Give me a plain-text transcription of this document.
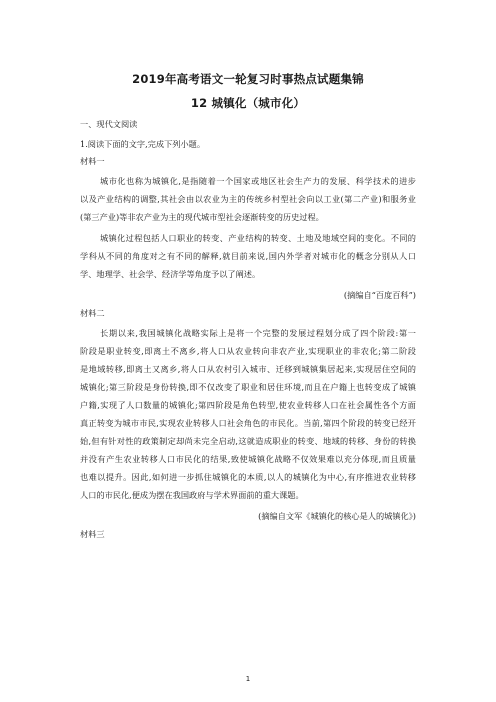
2019年高考语文一轮复习时事热点试题集锦
12 城镇化（城市化）
一、现代文阅读
1.阅读下面的文字,完成下列小题。
材料一
城市化也称为城镇化,是指随着一个国家或地区社会生产力的发展、科学技术的进步
以及产业结构的调整,其社会由以农业为主的传统乡村型社会向以工业(第二产业)和服务业
(第三产业)等非农产业为主的现代城市型社会逐渐转变的历史过程。
城镇化过程包括人口职业的转变、产业结构的转变、土地及地域空间的变化。不同的
学科从不同的角度对之有不同的解释,就目前来说,国内外学者对城市化的概念分别从人口
学、地理学、社会学、经济学等角度予以了阐述。
(摘编自“百度百科”)
材料二
长期以来,我国城镇化战略实际上是将一个完整的发展过程划分成了四个阶段:第一
阶段是职业转变,即离土不离乡,将人口从农业转向非农产业,实现职业的非农化;第二阶段
是地域转移,即离土又离乡,将人口从农村引入城市、迁移到城镇集居起来,实现居住空间的
城镇化;第三阶段是身份转换,即不仅改变了职业和居住环境,而且在户籍上也转变成了城镇
户籍,实现了人口数量的城镇化;第四阶段是角色转型,使农业转移人口在社会属性各个方面
真正转变为城市市民,实现农业转移人口社会角色的市民化。当前,第四个阶段的转变已经开
始,但有针对性的政策制定却尚未完全启动,这就造成职业的转变、地域的转移、身份的转换
并没有产生农业转移人口市民化的结果,致使城镇化战略不仅效果难以充分体现,而且质量
也难以提升。因此,如何进一步抓住城镇化的本质,以人的城镇化为中心,有序推进农业转移
人口的市民化,便成为摆在我国政府与学术界面前的重大课题。
(摘编自文军《城镇化的核心是人的城镇化》)
材料三
1
